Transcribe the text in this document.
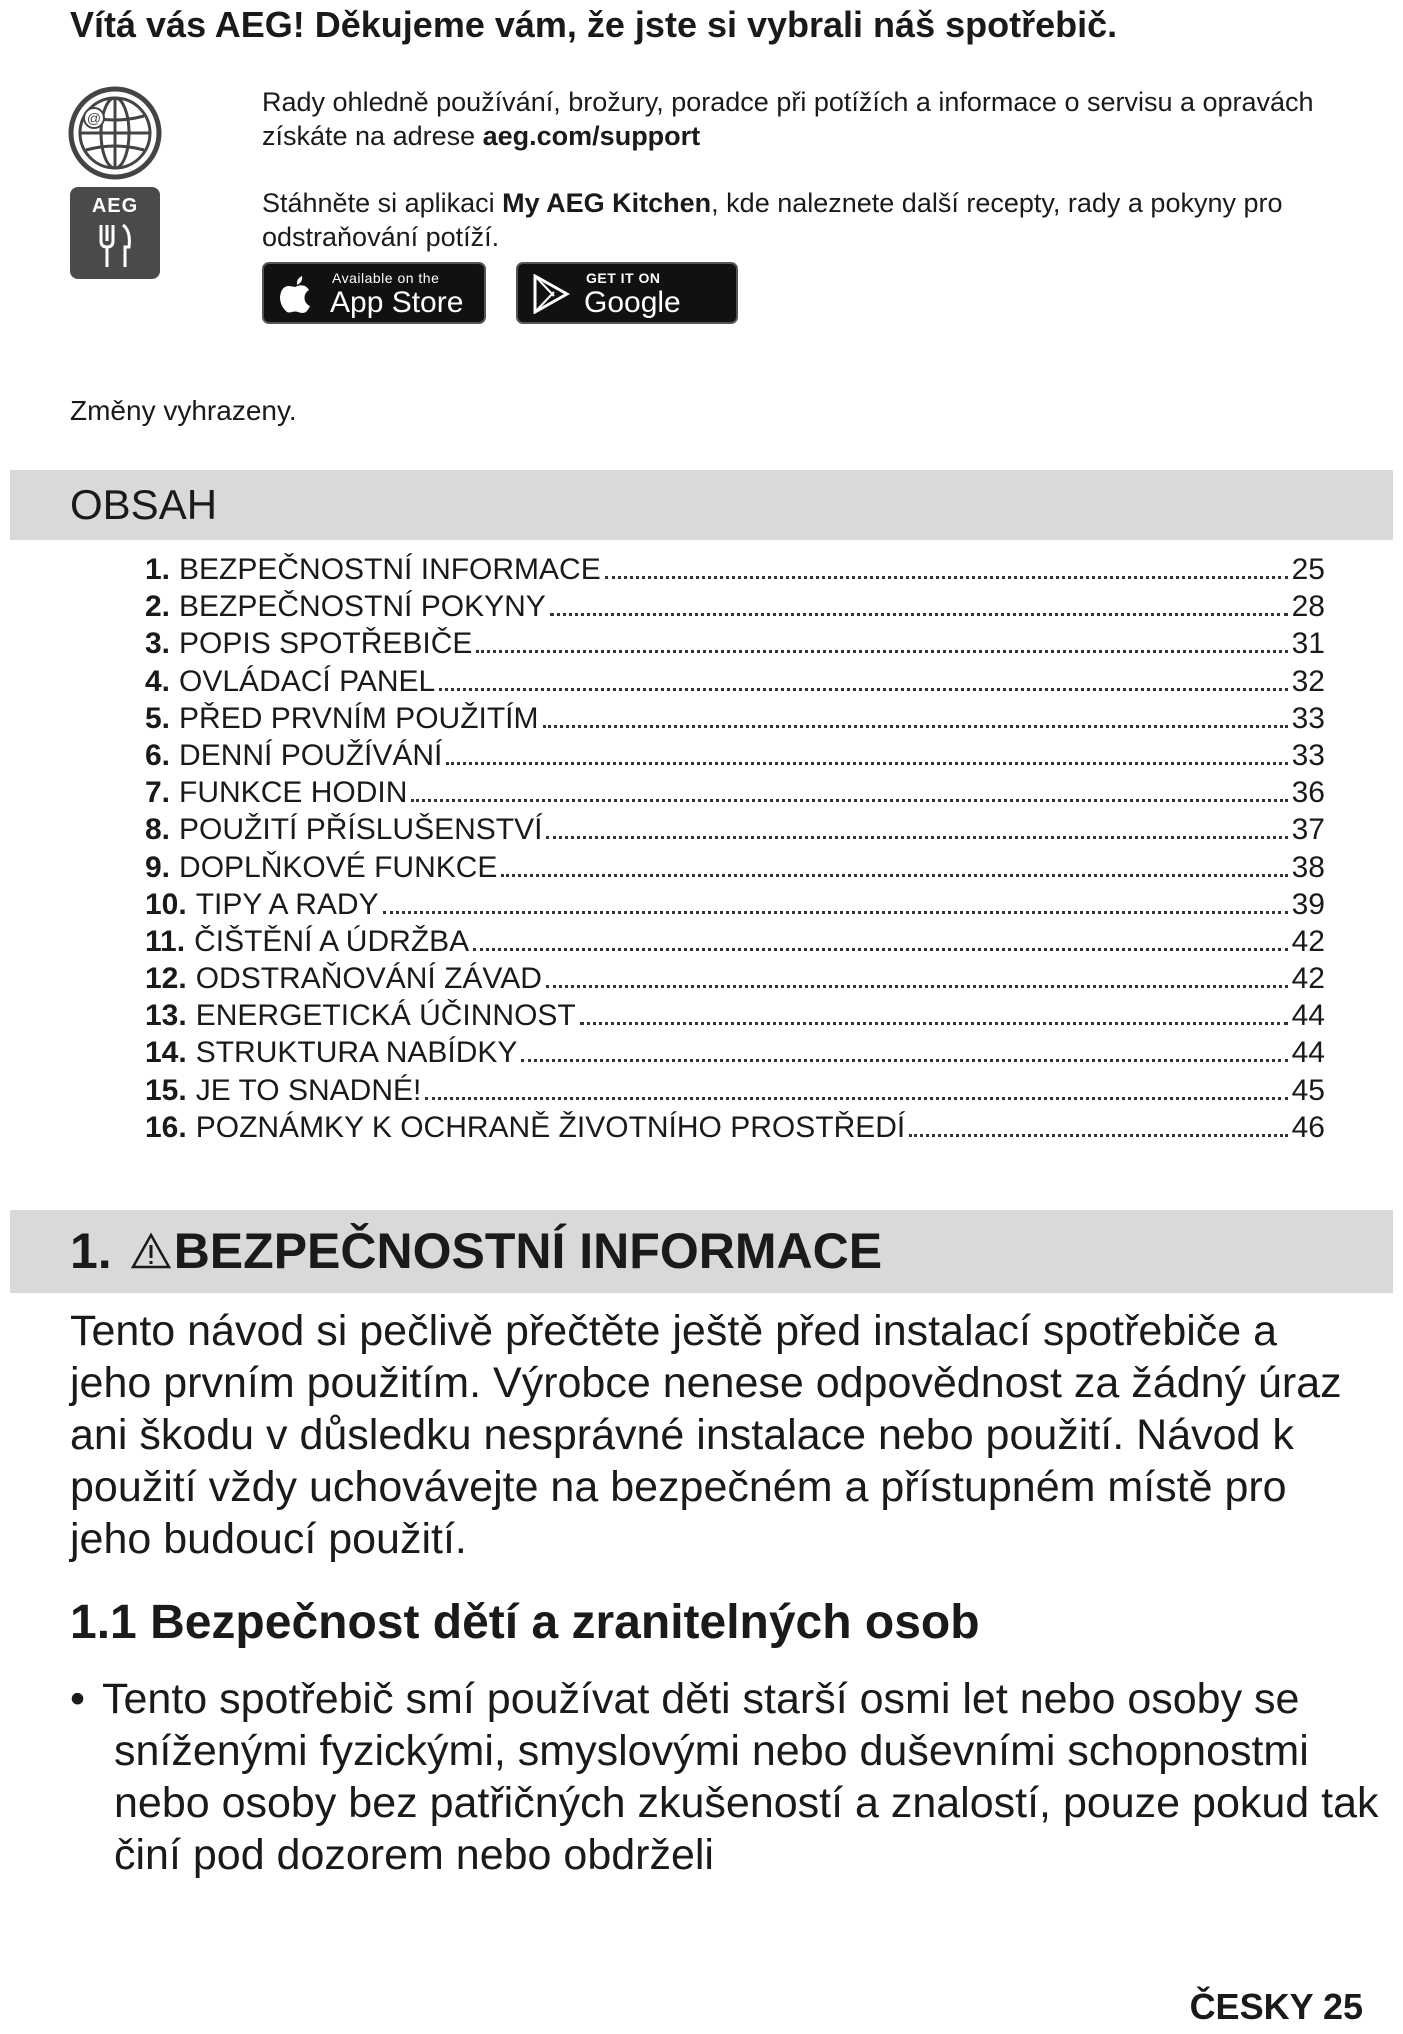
Vítá vás AEG! Děkujeme vám, že jste si vybrali náš spotřebič.
@
Rady ohledně používání, brožury, poradce při potížích a informace o servisu a opravách získáte na adrese aeg.com/support
AEG	Stáhněte si aplikaci My AEG Kitchen, kde naleznete další recepty, rady a pokyny pro odstraňování potíží.
Available on the
App Store
GET IT ON
Google Play
Změny vyhrazeny.
OBSAH
1. BEZPEČNOSTNÍ INFORMACE	25
2. BEZPEČNOSTNÍ POKYNY	28
3. POPIS SPOTŘEBIČE	31
4. OVLÁDACÍ PANEL	32
5. PŘED PRVNÍM POUŽITÍM	33
6. DENNÍ POUŽÍVÁNÍ	33
7. FUNKCE HODIN	36
8. POUŽITÍ PŘÍSLUŠENSTVÍ	37
9. DOPLŇKOVÉ FUNKCE	38
10. TIPY A RADY	39
11. ČIŠTĚNÍ A ÚDRŽBA	42
12. ODSTRAŇOVÁNÍ ZÁVAD	42
13. ENERGETICKÁ ÚČINNOST	44
14. STRUKTURA NABÍDKY	44
15. JE TO SNADNÉ!	45
16. POZNÁMKY K OCHRANĚ ŽIVOTNÍHO PROSTŘEDÍ	46
1. BEZPEČNOSTNÍ INFORMACE
Tento návod si pečlivě přečtěte ještě před instalací spotřebiče a jeho prvním použitím. Výrobce nenese odpovědnost za žádný úraz ani škodu v důsledku nesprávné instalace nebo použití. Návod k použití vždy uchovávejte na bezpečném a přístupném místě pro jeho budoucí použití.
1.1 Bezpečnost dětí a zranitelných osob
• Tento spotřebič smí používat děti starší osmi let nebo osoby se sníženými fyzickými, smyslovými nebo duševními schopnostmi nebo osoby bez patřičných zkušeností a znalostí, pouze pokud tak činí pod dozorem nebo obdrželi
ČESKY 25
